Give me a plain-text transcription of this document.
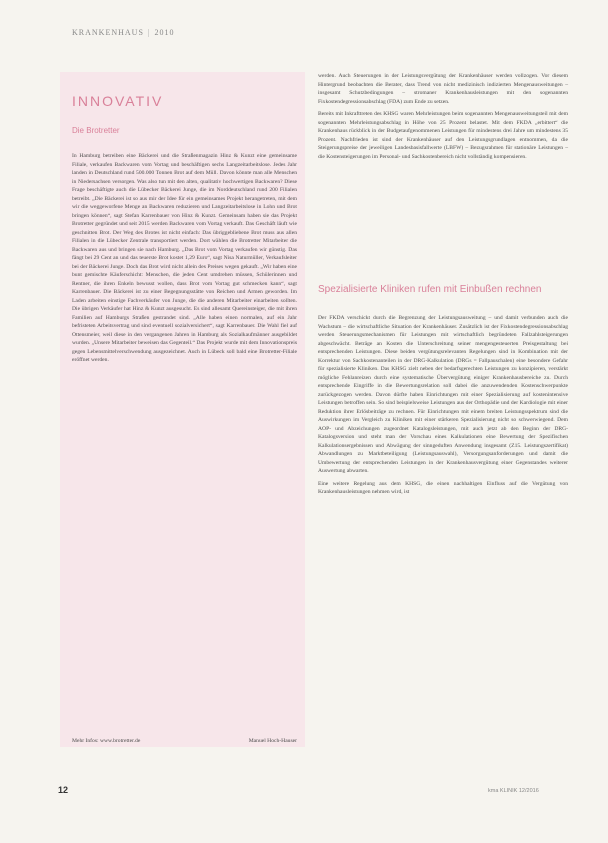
KRANKENHAUS | 2010
INNOVATIV
Die Brotretter

In Hamburg betreiben eine Bäckerei und die Straßenmagazin Hinz & Kunzt eine gemeinsame Filiale, verkaufen Backwaren vom Vortag und beschäftigen sechs Langzeitarbeitslose. Jedes Jahr landen in Deutschland rund 500.000 Tonnen Brot auf dem Müll. Davon könnte man alle Menschen in Niedersachsen versorgen. Was also tun mit den alten, qualitativ hochwertigen Backwaren? Diese Frage beschäftigte auch die Lübecker Bäckerei Junge, die im Norddeutschland rund 200 Filialen betreibt. „Die Bäckerei ist so aus mir der Idee für ein gemeinsames Projekt herangetreten, mit dem wir die weggeworfene Menge an Backwaren reduzieren und Langzeitarbeitslose in Lohn und Brot bringen können“, sagt Stefan Karrenbauer von Hinz & Kunzt. Gemeinsam haben sie das Projekt Brotretter gegründet und seit 2015 werden Backwaren vom Vortag verkauft. Das Geschäft läuft wie geschnitten Brot. Der Weg des Brotes ist nicht einfach: Das übriggebliebene Brot muss aus allen Filialen in die Lübecker Zentrale transportiert werden. Dort wählen die Brotretter Mitarbeiter die Backwaren aus und bringen sie nach Hamburg. „Das Brot vom Vortag verkaufen wir günstig. Das fängt bei 29 Cent an und das teuerste Brot kostet 1,29 Euro“, sagt Nisa Naturmüller, Verkaufsleiter bei der Bäckerei Junge. Doch das Brot wird nicht allein des Preises wegen gekauft. „Wir haben eine bunt gemischte Käuferschicht: Menschen, die jeden Cent umdrehen müssen, Schülerinnen und Rentner, die ihren Enkeln bewusst wollen, dass Brot vom Vortag gut schmecken kann“, sagt Karrenbauer. Die Bäckerei ist zu einer Begegnungsstätte von Reichen und Armen geworden. Im Laden arbeiten einstige Fachverkäufer von Junge, die die anderen Mitarbeiter einarbeiten sollten. Die übrigen Verkäufer hat Hinz & Kunzt ausgesucht. Es sind allesamt Quereinsteiger, die mit ihren Familien auf Hamburgs Straßen gestrandet sind. „Alle haben einen normalen, auf ein Jahr befristeten Arbeitsvertrag und sind eventuell sozialversichert“, sagt Karrenbauer. Die Wahl fiel auf Ottensmeier, weil diese in den vergangenen Jahren in Hamburg als Sozialkaufmänner ausgebildet wurden. „Unsere Mitarbeiter beweisen das Gegenteil.“ Das Projekt wurde mit dem Innovationspreis gegen Lebensmittelverschwendung ausgezeichnet. Auch in Lübeck soll bald eine Brotretter-Filiale eröffnet werden.

Mehr Infos: www.brotretter.de	Manuel Hoch-Hauser

werden. Auch Steuerungen in der Leistungsvergütung der Krankenhäuser werden vollzogen. Vor diesem Hintergrund beobachten die Berater, dass Trend von nicht medizinisch indizierten Mengenausweitungen – insgesamt Schutzbedingungen – stromaner Krankenhausleistungen mit den sogenannten Fixkostendegressionsabschlag (FDA) zum Ende zu setzen.

Bereits mit Inkrafttreten des KHSG waren Mehrleistungen beim sogenannten Mengenausweitungsteil mit dem sogenannten Mehrleistungsabschlag in Höhe von 25 Prozent belastet. Mit dem FKDA „erbittert“ die Krankenhaus rückblick in der Budgetaufgenommenen Leistungen für mindestens drei Jahre um mindestens 35 Prozent. Nachfrieden ist sind der Krankenhäuser auf den Leistungsgrundlagen entnommen, da die Steigerungspreise der jeweiligen Landesbasisfallwerte (LBFW) – Bezugsrahmen für stationäre Leistungen – die Kostensteigerungen im Personal- und Sachkostenbereich nicht vollständig kompensieren.

Spezialisierte Kliniken rufen mit Einbußen rechnen

Der FKDA verschickt durch die Begrenzung der Leistungsausweitung – und damit verbunden auch die Wachstum – die wirtschaftliche Situation der Krankenhäuser. Zusätzlich ist der Fixkostendegressionsabschlag werden Steuerungsmechanismen für Leistungen mit wirtschaftlich begründeten Fallzahlsteigerungen abgeschwächt. Beträge an Kosten die Unterschreitung seiner mengengesteuerten Preisgestaltung bei entsprechenden Leistungen. Diese beiden vergütungsrelevanten Regelungen sind in Kombination mit der Korrektur von Sachkostenanteilen in der DRG-Kalkulation (DRGs = Fallpauschalen) eine besondere Gefahr für spezialisierte Kliniken. Das KHSG zielt neben der bedarfsgerechten Leistungen zu konzipieren, verstärkt mögliche Fehlanreizen durch eine systematische Übervergütung einiger Krankenhausbereiche zu. Durch entsprechende Eingriffe in die Bewertungsrelation soll dabei die anzuwendenden Kostenschwerpunkte zurückgezogen werden. Davon dürfte haben Einrichtungen mit einer Spezialisierung auf kostenintensive Leistungen betroffen sein. So sind beispielsweise Leistungen aus der Orthopädie und der Kardiologie mit einer Reduktion ihrer Erlösbeiträge zu rechnen. Für Einrichtungen mit einem breiten Leistungsspektrum sind die Auswirkungen im Vergleich zu Kliniken mit einer stärkeren Spezialisierung nicht so schwerwiegend. Dem AOP- und Abzeichungen zugeordnet Katalogsleistungen, mit auch jetzt ab den Beginn der DRG-Katalogsversion und steht man der Vorschau eines Kalkulationen eine Bewertung der Spezifischen Kalkulationsergebnissen und Abwägung der sinngeduften Anwendung insgesamt (Z15. Leistungszertifikat) Abwandlungen zu Marktbeteiligung (Leistungsauswahl), Versorgungsanforderungen und damit die Umbewertung der entsprechenden Leistungen in der Krankenhausvergütung einer Gegenstandes weiterer Auswertung abwarten.

Eine weitere Regelung aus dem KHSG, die einen nachhaltigen Einfluss auf die Vergütung von Krankenhausleistungen nehmen wird, ist

12	kma KLINIK 12/2016
